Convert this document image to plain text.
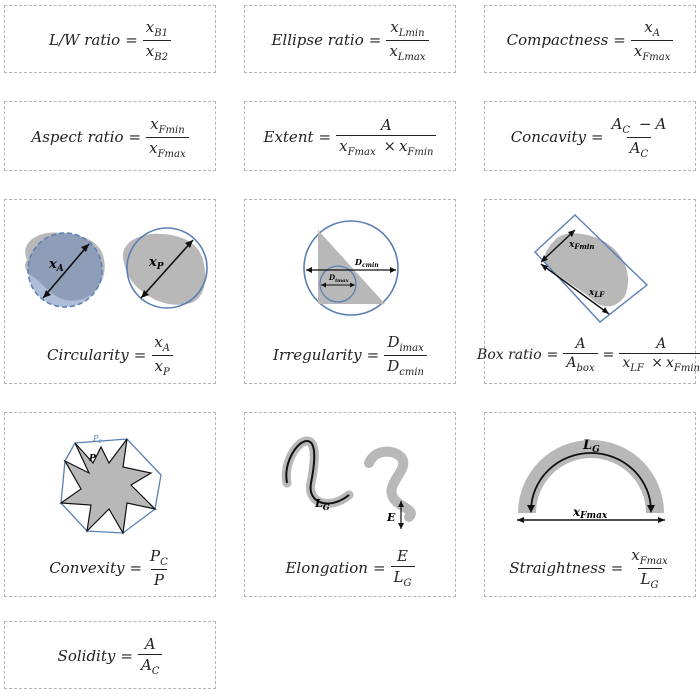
L/W ratio = $\frac{x_{B1}}{x_{B2}}$	Ellipse ratio = $\frac{x_{Lmin}}{x_{Lmax}}$	Compactness = $\frac{x_A}{x_{Fmax}}$
Aspect ratio = $\frac{x_{Fmin}}{x_{Fmax}}$	Extent = $\frac{A}{x_{Fmax} \times x_{Fmin}}$	Concavity = $\frac{A_C - A}{A_C}$
$x_A$	$x_P$
Circularity = $\frac{x_A}{x_P}$
$D_{cmin}$
$D_{imax}$
Irregularity = $\frac{D_{imax}}{D_{cmin}}$
$x_{Fmin}$
$x_{LF}$
Box ratio = $\frac{A}{A_{box}} = \frac{A}{x_{LF} \times x_{Fmin}}$
$P_c$
P
Convexity = $\frac{P_C}{P}$
$L_G$
E
Elongation = $\frac{E}{L_G}$
$L_G$
xFmax
Straightness = $\frac{x_{Fmax}}{L_G}$
Solidity = $\frac{A}{A_C}$
